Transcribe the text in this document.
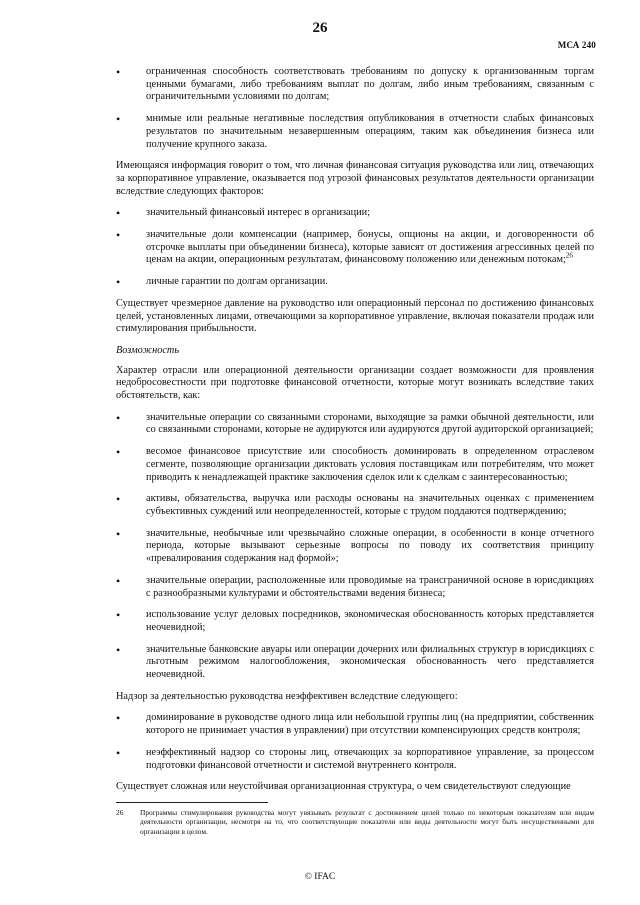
26
МСА 240
• ограниченная способность соответствовать требованиям по допуску к организованным торгам ценными бумагами, либо требованиям выплат по долгам, либо иным требованиям, связанным с ограничительными условиями по долгам;
• мнимые или реальные негативные последствия опубликования в отчетности слабых финансовых результатов по значительным незавершенным операциям, таким как объединения бизнеса или получение крупного заказа.

Имеющаяся информация говорит о том, что личная финансовая ситуация руководства или лиц, отвечающих за корпоративное управление, оказывается под угрозой финансовых результатов деятельности организации вследствие следующих факторов:

• значительный финансовый интерес в организации;
• значительные доли компенсации (например, бонусы, опционы на акции, и договоренности об отсрочке выплаты при объединении бизнеса), которые зависят от достижения агрессивных целей по ценам на акции, операционным результатам, финансовому положению или денежным потокам;$^{26}$
• личные гарантии по долгам организации.

Существует чрезмерное давление на руководство или операционный персонал по достижению финансовых целей, установленных лицами, отвечающими за корпоративное управление, включая показатели продаж или стимулирования прибыльности.

Возможность

Характер отрасли или операционной деятельности организации создает возможности для проявления недобросовестности при подготовке финансовой отчетности, которые могут возникать вследствие таких обстоятельств, как:

• значительные операции со связанными сторонами, выходящие за рамки обычной деятельности, или со связанными сторонами, которые не аудируются или аудируются другой аудиторской организацией;
• весомое финансовое присутствие или способность доминировать в определенном отраслевом сегменте, позволяющие организации диктовать условия поставщикам или потребителям, что может приводить к ненадлежащей практике заключения сделок или к сделкам с заинтересованностью;
• активы, обязательства, выручка или расходы основаны на значительных оценках с применением субъективных суждений или неопределенностей, которые с трудом поддаются подтверждению;
• значительные, необычные или чрезвычайно сложные операции, в особенности в конце отчетного периода, которые вызывают серьезные вопросы по поводу их соответствия принципу «превалирования содержания над формой»;
• значительные операции, расположенные или проводимые на трансграничной основе в юрисдикциях с разнообразными культурами и обстоятельствами ведения бизнеса;
• использование услуг деловых посредников, экономическая обоснованность которых представляется неочевидной;
• значительные банковские авуары или операции дочерних или филиальных структур в юрисдикциях с льготным режимом налогообложения, экономическая обоснованность чего представляется неочевидной.

Надзор за деятельностью руководства неэффективен вследствие следующего:

• доминирование в руководстве одного лица или небольшой группы лиц (на предприятии, собственник которого не принимает участия в управлении) при отсутствии компенсирующих средств контроля;
• неэффективный надзор со стороны лиц, отвечающих за корпоративное управление, за процессом подготовки финансовой отчетности и системой внутреннего контроля.

Существует сложная или неустойчивая организационная структура, о чем свидетельствуют следующие

26	Программы стимулирования руководства могут увязывать результат с достижением целей только по некоторым показателям или видам деятельности организации, несмотря на то, что соответствующие показатели или виды деятельности могут быть несущественными для организации в целом.
© IFAC
